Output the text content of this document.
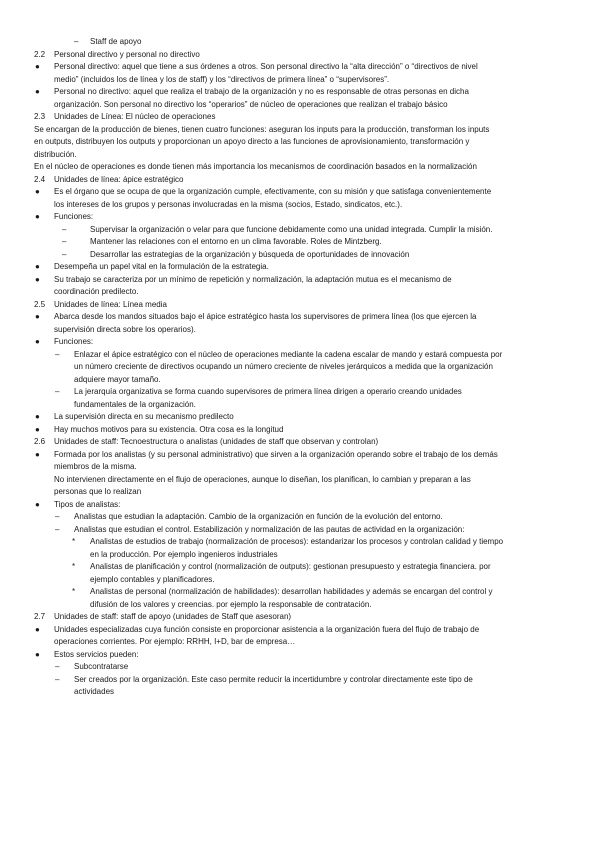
– Staff de apoyo
2.2 Personal directivo y personal no directivo
● Personal directivo: aquel que tiene a sus órdenes a otros. Son personal directivo la “alta dirección” o “directivos de nivel
medio” (incluidos los de línea y los de staff) y los “directivos de primera línea” o “supervisores”.
● Personal no directivo: aquel que realiza el trabajo de la organización y no es responsable de otras personas en dicha
organización. Son personal no directivo los “operarios” de núcleo de operaciones que realizan el trabajo básico
2.3 Unidades de Línea: El núcleo de operaciones
Se encargan de la producción de bienes, tienen cuatro funciones: aseguran los inputs para la producción, transforman los inputs
en outputs, distribuyen los outputs y proporcionan un apoyo directo a las funciones de aprovisionamiento, transformación y
distribución.
En el núcleo de operaciones es donde tienen más importancia los mecanismos de coordinación basados en la normalización
2.4 Unidades de línea: ápice estratégico
● Es el órgano que se ocupa de que la organización cumple, efectivamente, con su misión y que satisfaga convenientemente
los intereses de los grupos y personas involucradas en la misma (socios, Estado, sindicatos, etc.).
● Funciones:
–	Supervisar la organización o velar para que funcione debidamente como una unidad integrada. Cumplir la misión.
–	Mantener las relaciones con el entorno en un clima favorable. Roles de Mintzberg.
–	Desarrollar las estrategias de la organización y búsqueda de oportunidades de innovación
● Desempeña un papel vital en la formulación de la estrategia.
● Su trabajo se caracteriza por un mínimo de repetición y normalización, la adaptación mutua es el mecanismo de
coordinación predilecto.
2.5 Unidades de línea: Línea media
● Abarca desde los mandos situados bajo el ápice estratégico hasta los supervisores de primera línea (los que ejercen la
supervisión directa sobre los operarios).
● Funciones:
– Enlazar el ápice estratégico con el núcleo de operaciones mediante la cadena escalar de mando y estará compuesta por
un número creciente de directivos ocupando un número creciente de niveles jerárquicos a medida que la organización
adquiere mayor tamaño.
– La jerarquía organizativa se forma cuando supervisores de primera línea dirigen a operario creando unidades
fundamentales de la organización.
● La supervisión directa en su mecanismo predilecto
● Hay muchos motivos para su existencia. Otra cosa es la longitud
2.6 Unidades de staff: Tecnoestructura o analistas (unidades de staff que observan y controlan)
● Formada por los analistas (y su personal administrativo) que sirven a la organización operando sobre el trabajo de los demás
miembros de la misma.
No intervienen directamente en el flujo de operaciones, aunque lo diseñan, los planifican, lo cambian y preparan a las
personas que lo realizan
● Tipos de analistas:
– Analistas que estudian la adaptación. Cambio de la organización en función de la evolución del entorno.
– Analistas que estudian el control. Estabilización y normalización de las pautas de actividad en la organización:
* Analistas de estudios de trabajo (normalización de procesos): estandarizar los procesos y controlan calidad y tiempo
en la producción. Por ejemplo ingenieros industriales
* Analistas de planificación y control (normalización de outputs): gestionan presupuesto y estrategia financiera. por
ejemplo contables y planificadores.
* Analistas de personal (normalización de habilidades): desarrollan habilidades y además se encargan del control y
difusión de los valores y creencias. por ejemplo la responsable de contratación.
2.7 Unidades de staff: staff de apoyo (unidades de Staff que asesoran)
● Unidades especializadas cuya función consiste en proporcionar asistencia a la organización fuera del flujo de trabajo de
operaciones corrientes. Por ejemplo: RRHH, I+D, bar de empresa…
● Estos servicios pueden:
– Subcontratarse
– Ser creados por la organización. Este caso permite reducir la incertidumbre y controlar directamente este tipo de
actividades
